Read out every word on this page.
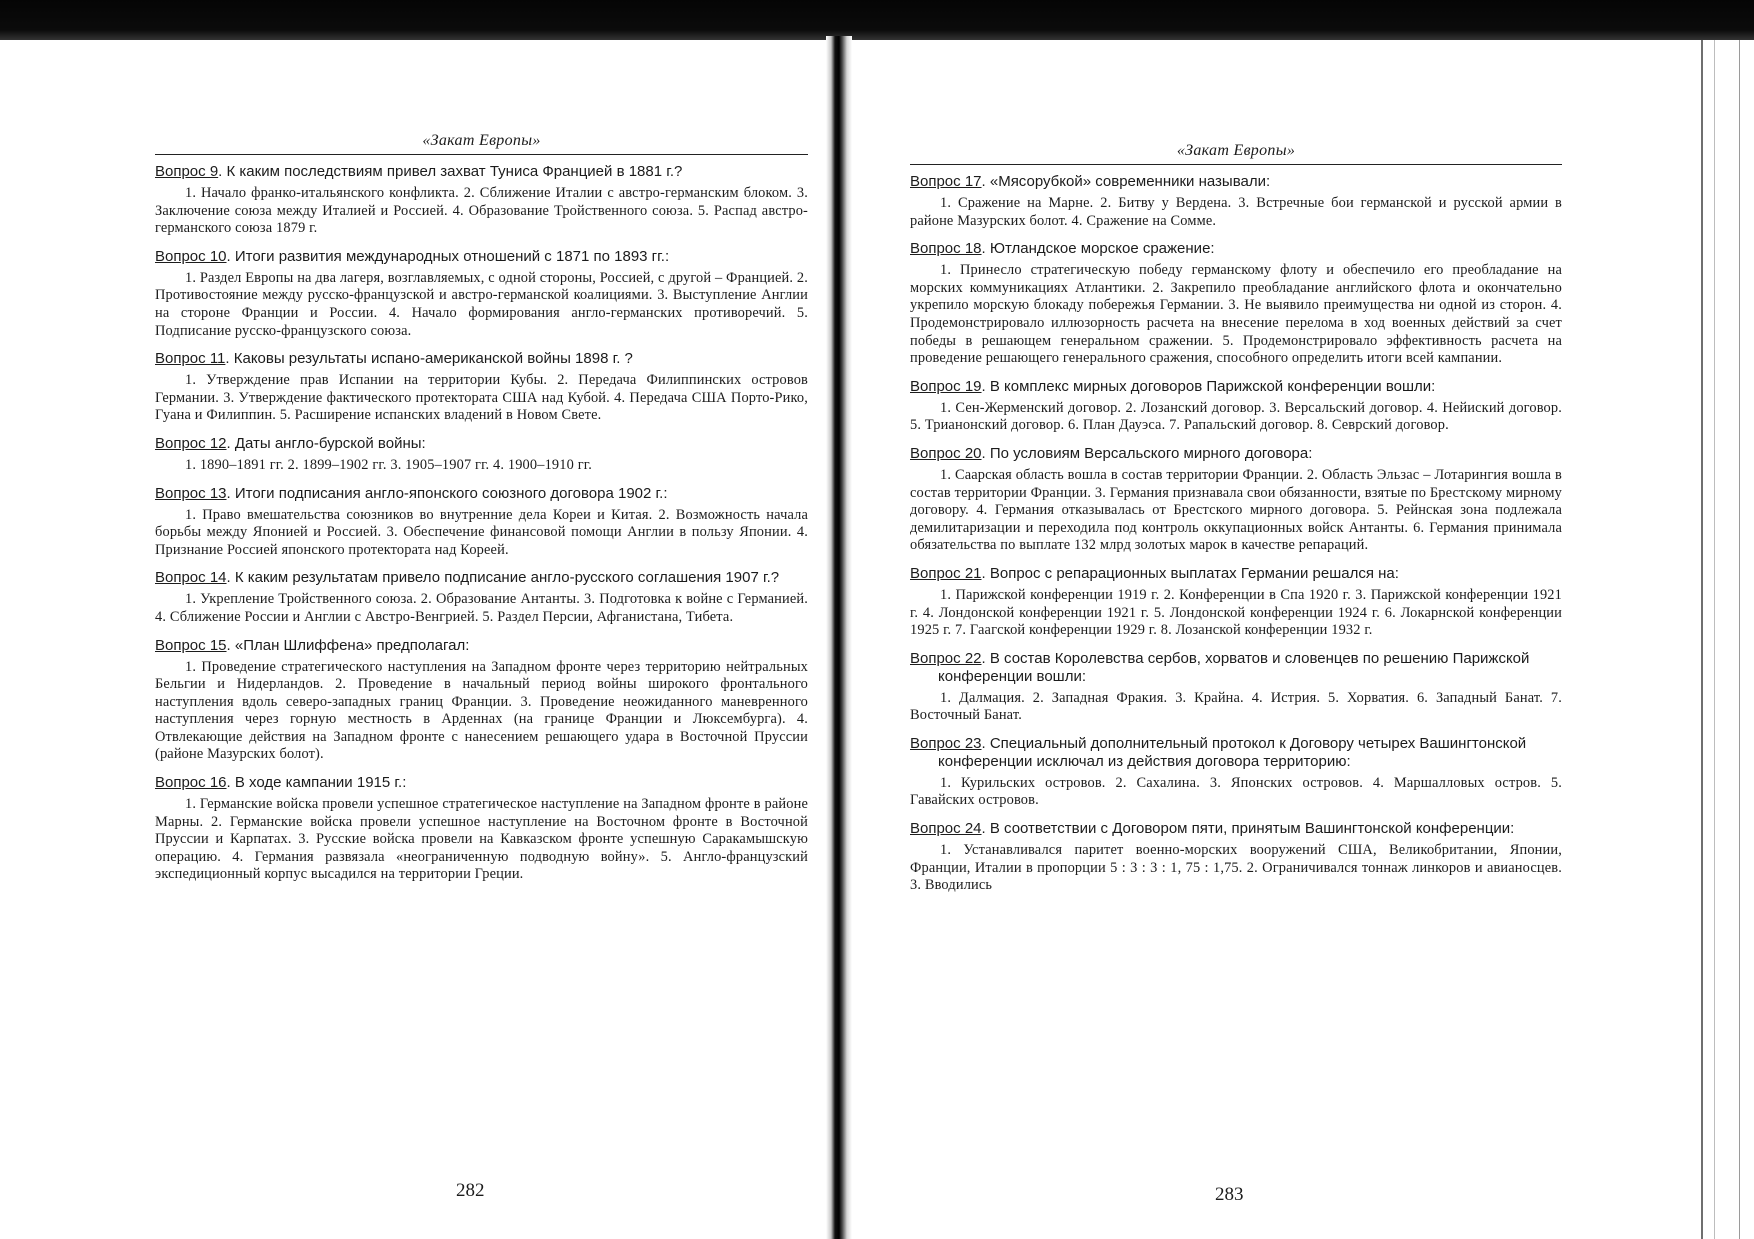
«Закат Европы»
Вопрос 9. К каким последствиям привел захват Туниса Францией в 1881 г.?
1. Начало франко-итальянского конфликта. 2. Сближение Италии с австро-германским блоком. 3. Заключение союза между Италией и Россией. 4. Образование Тройственного союза. 5. Распад австро-германского союза 1879 г.
Вопрос 10. Итоги развития международных отношений с 1871 по 1893 гг.:
1. Раздел Европы на два лагеря, возглавляемых, с одной стороны, Россией, с другой – Францией. 2. Противостояние между русско-французской и австро-германской коалициями. 3. Выступление Англии на стороне Франции и России. 4. Начало формирования англо-германских противоречий. 5. Подписание русско-французского союза.
Вопрос 11. Каковы результаты испано-американской войны 1898 г. ?
1. Утверждение прав Испании на территории Кубы. 2. Передача Филиппинских островов Германии. 3. Утверждение фактического протектората США над Кубой. 4. Передача США Порто-Рико, Гуана и Филиппин. 5. Расширение испанских владений в Новом Свете.
Вопрос 12. Даты англо-бурской войны:
1. 1890–1891 гг. 2. 1899–1902 гг. 3. 1905–1907 гг. 4. 1900–1910 гг.
Вопрос 13. Итоги подписания англо-японского союзного договора 1902 г.:
1. Право вмешательства союзников во внутренние дела Кореи и Китая. 2. Возможность начала борьбы между Японией и Россией. 3. Обеспечение финансовой помощи Англии в пользу Японии. 4. Признание Россией японского протектората над Кореей.
Вопрос 14. К каким результатам привело подписание англо-русского соглашения 1907 г.?
1. Укрепление Тройственного союза. 2. Образование Антанты. 3. Подготовка к войне с Германией. 4. Сближение России и Англии с Австро-Венгрией. 5. Раздел Персии, Афганистана, Тибета.
Вопрос 15. «План Шлиффена» предполагал:
1. Проведение стратегического наступления на Западном фронте через территорию нейтральных Бельгии и Нидерландов. 2. Проведение в начальный период войны широкого фронтального наступления вдоль северо-западных границ Франции. 3. Проведение неожиданного маневренного наступления через горную местность в Арденнах (на границе Франции и Люксембурга). 4. Отвлекающие действия на Западном фронте с нанесением решающего удара в Восточной Пруссии (районе Мазурских болот).
Вопрос 16. В ходе кампании 1915 г.:
1. Германские войска провели успешное стратегическое наступление на Западном фронте в районе Марны. 2. Германские войска провели успешное наступление на Восточном фронте в Восточной Пруссии и Карпатах. 3. Русские войска провели на Кавказском фронте успешную Саракамышскую операцию. 4. Германия развязала «неограниченную подводную войну». 5. Англо-французский экспедиционный корпус высадился на территории Греции.
282
«Закат Европы»
Вопрос 17. «Мясорубкой» современники называли:
1. Сражение на Марне. 2. Битву у Вердена. 3. Встречные бои германской и русской армии в районе Мазурских болот. 4. Сражение на Сомме.
Вопрос 18. Ютландское морское сражение:
1. Принесло стратегическую победу германскому флоту и обеспечило его преобладание на морских коммуникациях Атлантики. 2. Закрепило преобладание английского флота и окончательно укрепило морскую блокаду побережья Германии. 3. Не выявило преимущества ни одной из сторон. 4. Продемонстрировало иллюзорность расчета на внесение перелома в ход военных действий за счет победы в решающем генеральном сражении. 5. Продемонстрировало эффективность расчета на проведение решающего генерального сражения, способного определить итоги всей кампании.
Вопрос 19. В комплекс мирных договоров Парижской конференции вошли:
1. Сен-Жерменский договор. 2. Лозанский договор. 3. Версальский договор. 4. Нейиский договор. 5. Трианонский договор. 6. План Дауэса. 7. Рапальский договор. 8. Севрский договор.
Вопрос 20. По условиям Версальского мирного договора:
1. Саарская область вошла в состав территории Франции. 2. Область Эльзас – Лотарингия вошла в состав территории Франции. 3. Германия признавала свои обязанности, взятые по Брестскому мирному договору. 4. Германия отказывалась от Брестского мирного договора. 5. Рейнская зона подлежала демилитаризации и переходила под контроль оккупационных войск Антанты. 6. Германия принимала обязательства по выплате 132 млрд золотых марок в качестве репараций.
Вопрос 21. Вопрос с репарационных выплатах Германии решался на:
1. Парижской конференции 1919 г. 2. Конференции в Спа 1920 г. 3. Парижской конференции 1921 г. 4. Лондонской конференции 1921 г. 5. Лондонской конференции 1924 г. 6. Локарнской конференции 1925 г. 7. Гаагской конференции 1929 г. 8. Лозанской конференции 1932 г.
Вопрос 22. В состав Королевства сербов, хорватов и словенцев по решению Парижской конференции вошли:
1. Далмация. 2. Западная Фракия. 3. Крайна. 4. Истрия. 5. Хорватия. 6. Западный Банат. 7. Восточный Банат.
Вопрос 23. Специальный дополнительный протокол к Договору четырех Вашингтонской конференции исключал из действия договора территорию:
1. Курильских островов. 2. Сахалина. 3. Японских островов. 4. Маршалловых остров. 5. Гавайских островов.
Вопрос 24. В соответствии с Договором пяти, принятым Вашингтонской конференции:
1. Устанавливался паритет военно-морских вооружений США, Великобритании, Японии, Франции, Италии в пропорции 5 : 3 : 3 : 1, 75 : 1,75. 2. Ограничивался тоннаж линкоров и авианосцев. 3. Вводились
283
